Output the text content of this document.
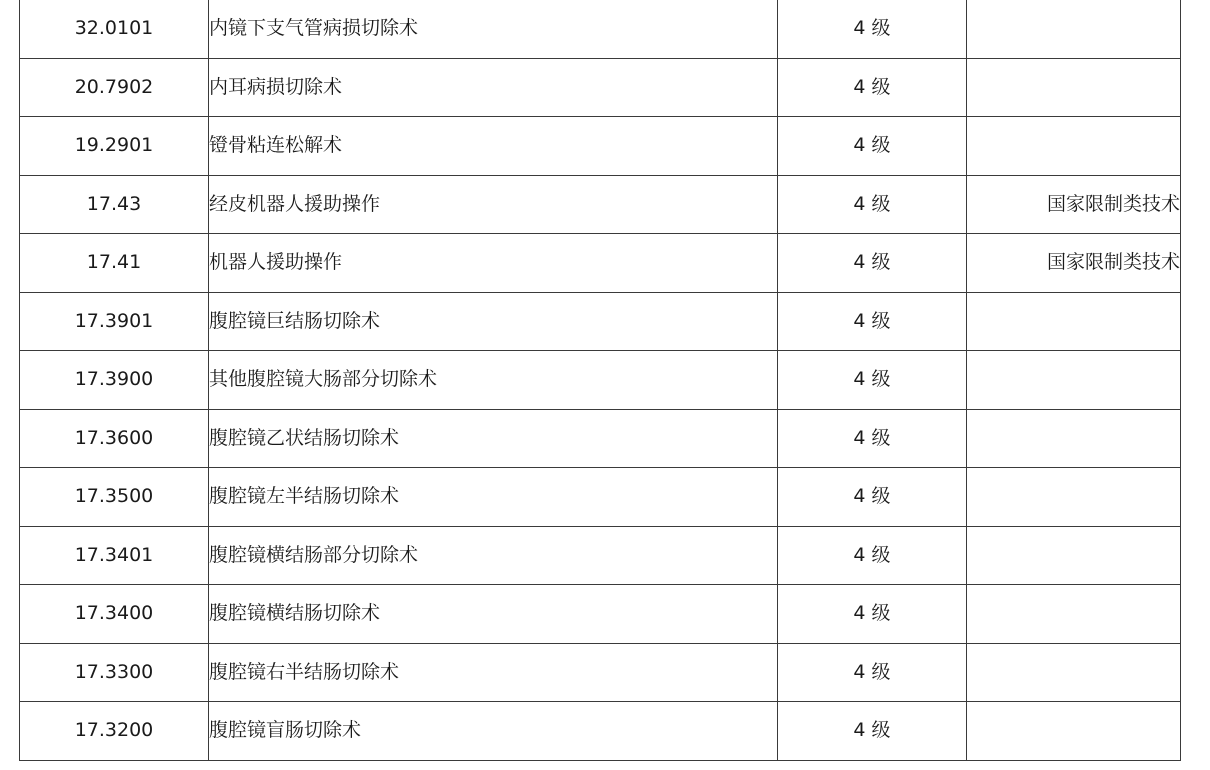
32.0101	内镜下支气管病损切除术	4 级	
20.7902	内耳病损切除术	4 级	
19.2901	镫骨粘连松解术	4 级	
17.43	经皮机器人援助操作	4 级	国家限制类技术
17.41	机器人援助操作	4 级	国家限制类技术
17.3901	腹腔镜巨结肠切除术	4 级	
17.3900	其他腹腔镜大肠部分切除术	4 级	
17.3600	腹腔镜乙状结肠切除术	4 级	
17.3500	腹腔镜左半结肠切除术	4 级	
17.3401	腹腔镜横结肠部分切除术	4 级	
17.3400	腹腔镜横结肠切除术	4 级	
17.3300	腹腔镜右半结肠切除术	4 级	
17.3200	腹腔镜盲肠切除术	4 级	
